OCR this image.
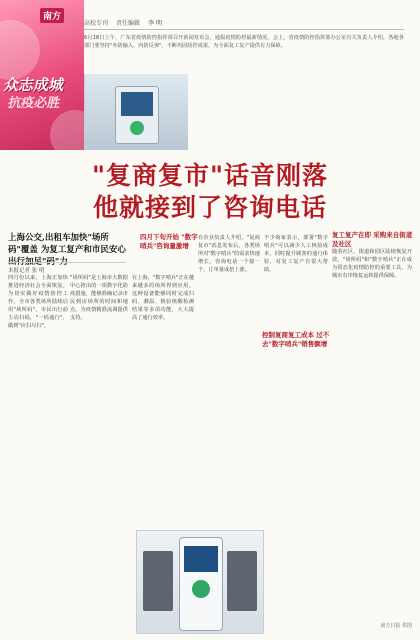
南方
众志成城
抗疫必胜
高校专刊 责任编辑 李 明
6月18日上午，广东省疫情防控指挥部召开新闻发布会，通报疫情防控最新情况。会上，省疫情防控指挥部办公室有关负责人介绍，各地各部门要坚持"外防输入、内防反弹"，不断巩固防控成果，为全面复工复产提供有力保障。
"复商复市"话音刚落
他就接到了咨询电话
上海公交,出租车加快"场所码"覆盖 为复工复产和市民安心出行加足"码"力
本报记者 张 明
四月份以来，上海正加快推进经济社会全面恢复。为切实做好疫情防控工作，全市各类场所陆续启用"场所码"。市民出行前主动扫码，"一码通行"，做到"应扫尽扫"。
"场所码"是上海市大数据中心推出的一项数字化防疫措施，能够准确记录市民到访场所的时间和地点，为疫情精准流调提供支持。
四月下旬开始 "数字哨兵"咨询量激增
在上海，"数字哨兵"正在越来越多的场所得到应用。这种设备能够同时完成扫码、测温、核验核酸检测结果等多项功能，大大提高了通行效率。
有企业负责人介绍，"复商复市"消息发布后，各类场所对"数字哨兵"的需求快速增长，咨询电话一个接一个，订单量成倍上涨。
不少商家表示，部署"数字哨兵"可以减少人工核验成本，同时提升顾客的通行体验，对复工复产有很大帮助。
控制复商复工成本 过不去"数字哨兵"销售额增
复工复产在即 采购来自街道及社区
随着社区、街道和园区陆续恢复开放，"场所码"和"数字哨兵"正在成为常态化疫情防控的重要工具，为城市有序恢复运转提供保障。
南方日报 供图
